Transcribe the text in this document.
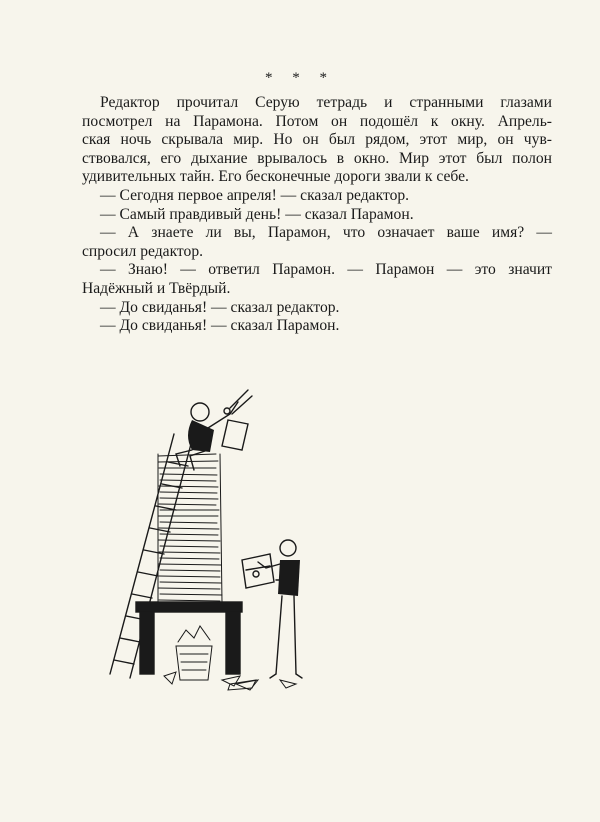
* * *
Редактор прочитал Серую тетрадь и странными глазами
посмотрел на Парамона. Потом он подошёл к окну. Апрель-
ская ночь скрывала мир. Но он был рядом, этот мир, он чув-
ствовался, его дыхание врывалось в окно. Мир этот был полон
удивительных тайн. Его бесконечные дороги звали к себе.
— Сегодня первое апреля! — сказал редактор.
— Самый правдивый день! — сказал Парамон.
— А знаете ли вы, Парамон, что означает ваше имя? —
спросил редактор.
— Знаю! — ответил Парамон. — Парамон — это значит
Надёжный и Твёрдый.
— До свиданья! — сказал редактор.
— До свиданья! — сказал Парамон.
